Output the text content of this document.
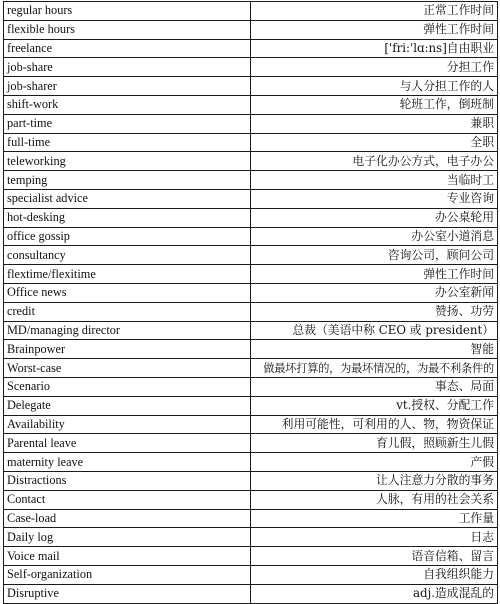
regular hours	正常工作时间
flexible hours	弹性工作时间
freelance	['fri:'lɑ:ns]自由职业
job-share	分担工作
job-sharer	与人分担工作的人
shift-work	轮班工作，倒班制
part-time	兼职
full-time	全职
teleworking	电子化办公方式，电子办公
temping	当临时工
specialist advice	专业咨询
hot-desking	办公桌轮用
office gossip	办公室小道消息
consultancy	咨询公司，顾问公司
flextime/flexitime	弹性工作时间
Office news	办公室新闻
credit	赞扬、功劳
MD/managing director	总裁（美语中称 CEO 或 president）
Brainpower	智能
Worst-case	做最坏打算的，为最坏情况的，为最不利条件的
Scenario	事态、局面
Delegate	vt.授权、分配工作
Availability	利用可能性，可利用的人、物，物资保证
Parental leave	育儿假，照顾新生儿假
maternity leave	产假
Distractions	让人注意力分散的事务
Contact	人脉，有用的社会关系
Case-load	工作量
Daily log	日志
Voice mail	语音信箱、留言
Self-organization	自我组织能力
Disruptive	adj.造成混乱的
